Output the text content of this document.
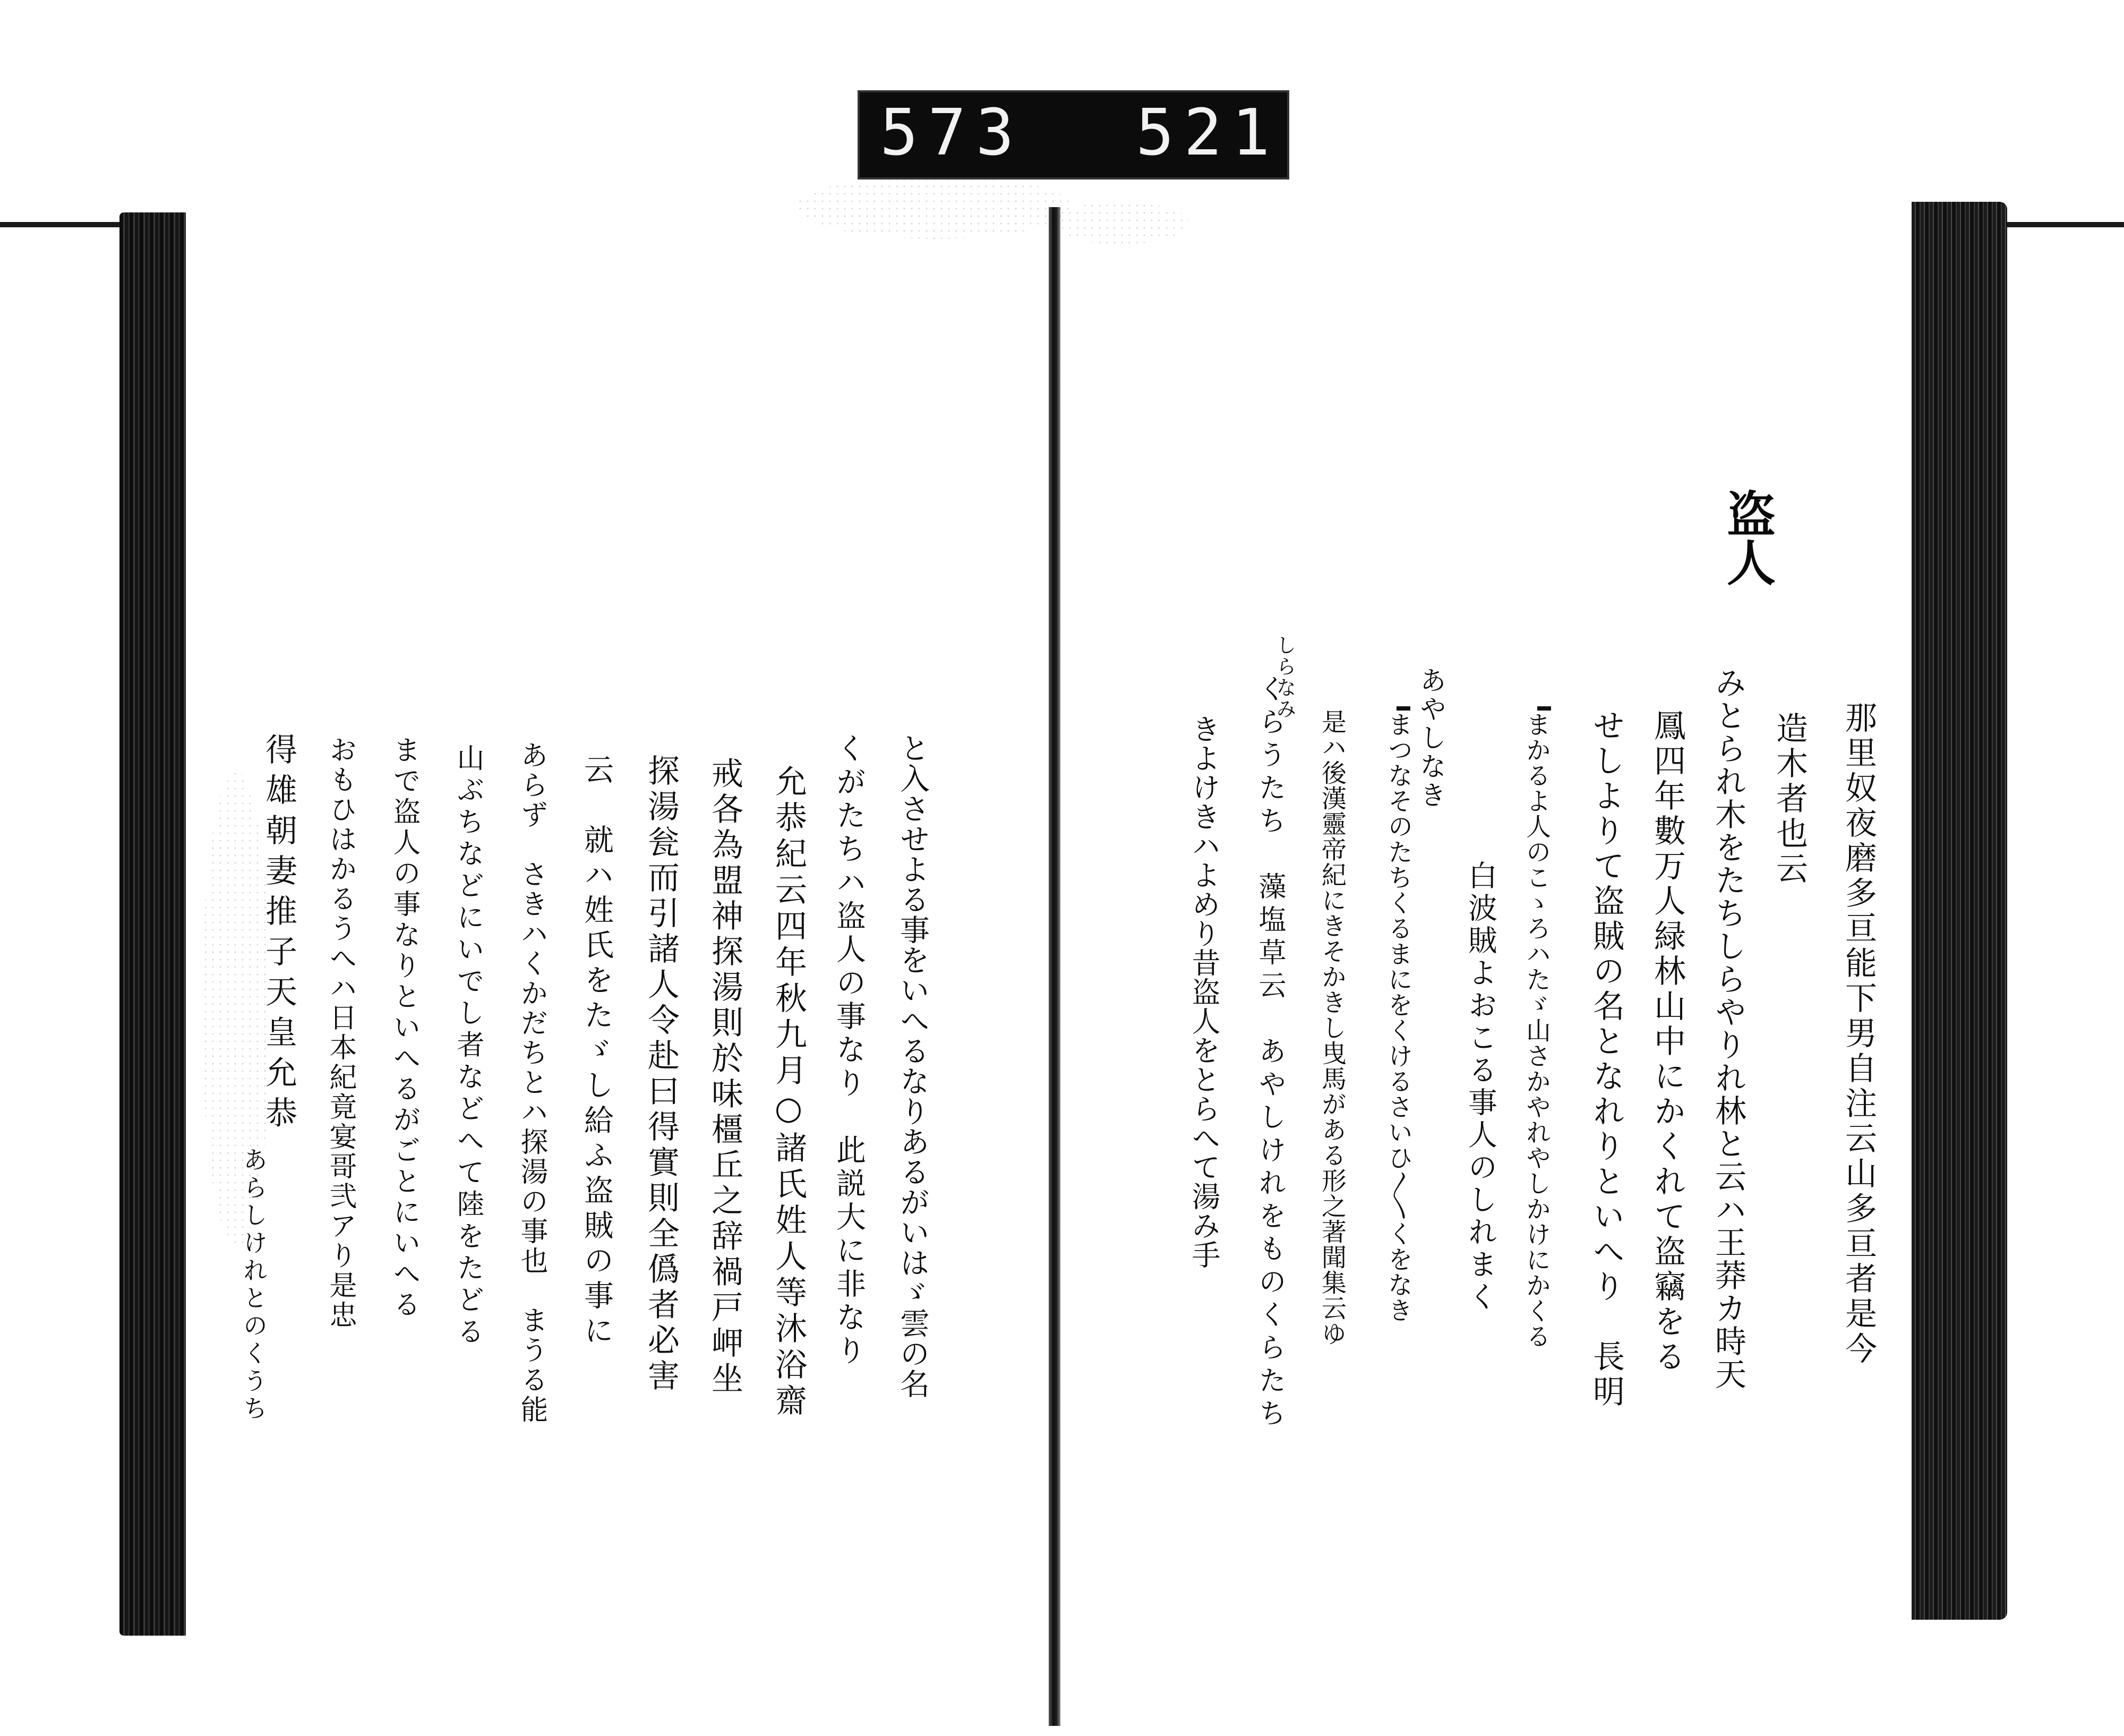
573 521
盗人
那里奴夜磨多亘能下男自注云山多亘者是今
造木者也云
みとられ木をたちしらやりれ林と云ハ王莽カ時天
鳳四年數万人緑林山中にかくれて盗竊をる
せしよりて盗賊の名となれりといへり　長明
まかるよ人のこゝろハたゞ山さかやれやしかけにかくる
白波賊よおこる事人のしれまく
あやしなき
まつなそのたちくるまにをくけるさいひ〳〵くをなき
是ハ後漢靈帝紀にきそかきし曳馬がある形之著聞集云ゆ
しらなみ
くらうたち　藻塩草云　あやしけれをものくらたち
きよけきハよめり昔盗人をとらへて湯み手
と入させよる事をいへるなりあるがいはゞ雲の名
くがたちハ盗人の事なり　此説大に非なり
允恭紀云四年秋九月○諸氏姓人等沐浴齋
戒各為盟神探湯則於味橿丘之辞禍戸岬坐
探湯瓮而引諸人令赴曰得實則全僞者必害
云　就ハ姓氏をたゞし給ふ盗賊の事に
あらず　さきハくかだちとハ探湯の事也　まうる能
山ぶちなどにいでし者などへて陸をたどる
まで盗人の事なりといへるがごとにいへる
おもひはかるうへハ日本紀竟宴哥弐アり是忠
得雄朝妻推子天皇允恭
あらしけれとのくうち
